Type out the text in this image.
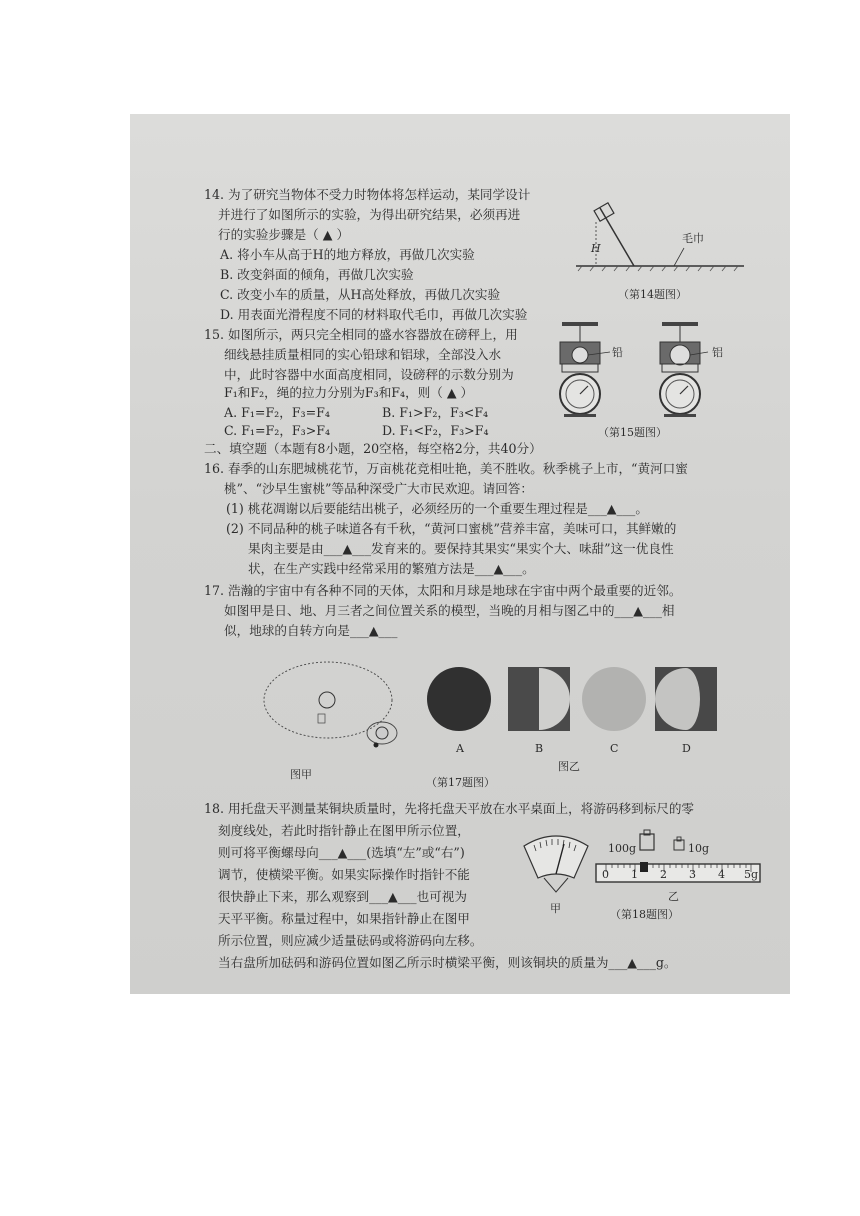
14. 为了研究当物体不受力时物体将怎样运动，某同学设计
并进行了如图所示的实验，为得出研究结果，必须再进
行的实验步骤是（ ▲ ）
A. 将小车从高于H的地方释放，再做几次实验
B. 改变斜面的倾角，再做几次实验
C. 改变小车的质量，从H高处释放，再做几次实验
D. 用表面光滑程度不同的材料取代毛巾，再做几次实验
H
毛巾
（第14题图）
15. 如图所示，两只完全相同的盛水容器放在磅秤上，用
细线悬挂质量相同的实心铅球和铝球，全部没入水
中，此时容器中水面高度相同，设磅秤的示数分别为
F₁和F₂，绳的拉力分别为F₃和F₄，则（ ▲ ）
A. F₁=F₂，F₃=F₄	B. F₁>F₂，F₃<F₄
C. F₁=F₂，F₃>F₄	D. F₁<F₂，F₃>F₄
铅	铝
（第15题图）
二、填空题（本题有8小题，20空格，每空格2分，共40分）
16. 春季的山东肥城桃花节，万亩桃花竞相吐艳，美不胜收。秋季桃子上市，“黄河口蜜
桃”、“沙早生蜜桃”等品种深受广大市民欢迎。请回答：
(1) 桃花凋谢以后要能结出桃子，必须经历的一个重要生理过程是___▲___。
(2) 不同品种的桃子味道各有千秋，“黄河口蜜桃”营养丰富，美味可口，其鲜嫩的
果肉主要是由___▲___发育来的。要保持其果实“果实个大、味甜”这一优良性
状，在生产实践中经常采用的繁殖方法是___▲___。
17. 浩瀚的宇宙中有各种不同的天体，太阳和月球是地球在宇宙中两个最重要的近邻。
如图甲是日、地、月三者之间位置关系的模型，当晚的月相与图乙中的___▲___相
似，地球的自转方向是___▲___
图甲
A	B	C	D
图乙
（第17题图）
18. 用托盘天平测量某铜块质量时，先将托盘天平放在水平桌面上，将游码移到标尺的零
刻度线处，若此时指针静止在图甲所示位置，
则可将平衡螺母向___▲___(选填“左”或“右”)
调节，使横梁平衡。如果实际操作时指针不能
很快静止下来，那么观察到___▲___也可视为
天平平衡。称量过程中，如果指针静止在图甲
所示位置，则应减少适量砝码或将游码向左移。
当右盘所加砝码和游码位置如图乙所示时横梁平衡，则该铜块的质量为___▲___g。
甲
100g	10g
0 1 2 3 4 5g
乙
（第18题图）
